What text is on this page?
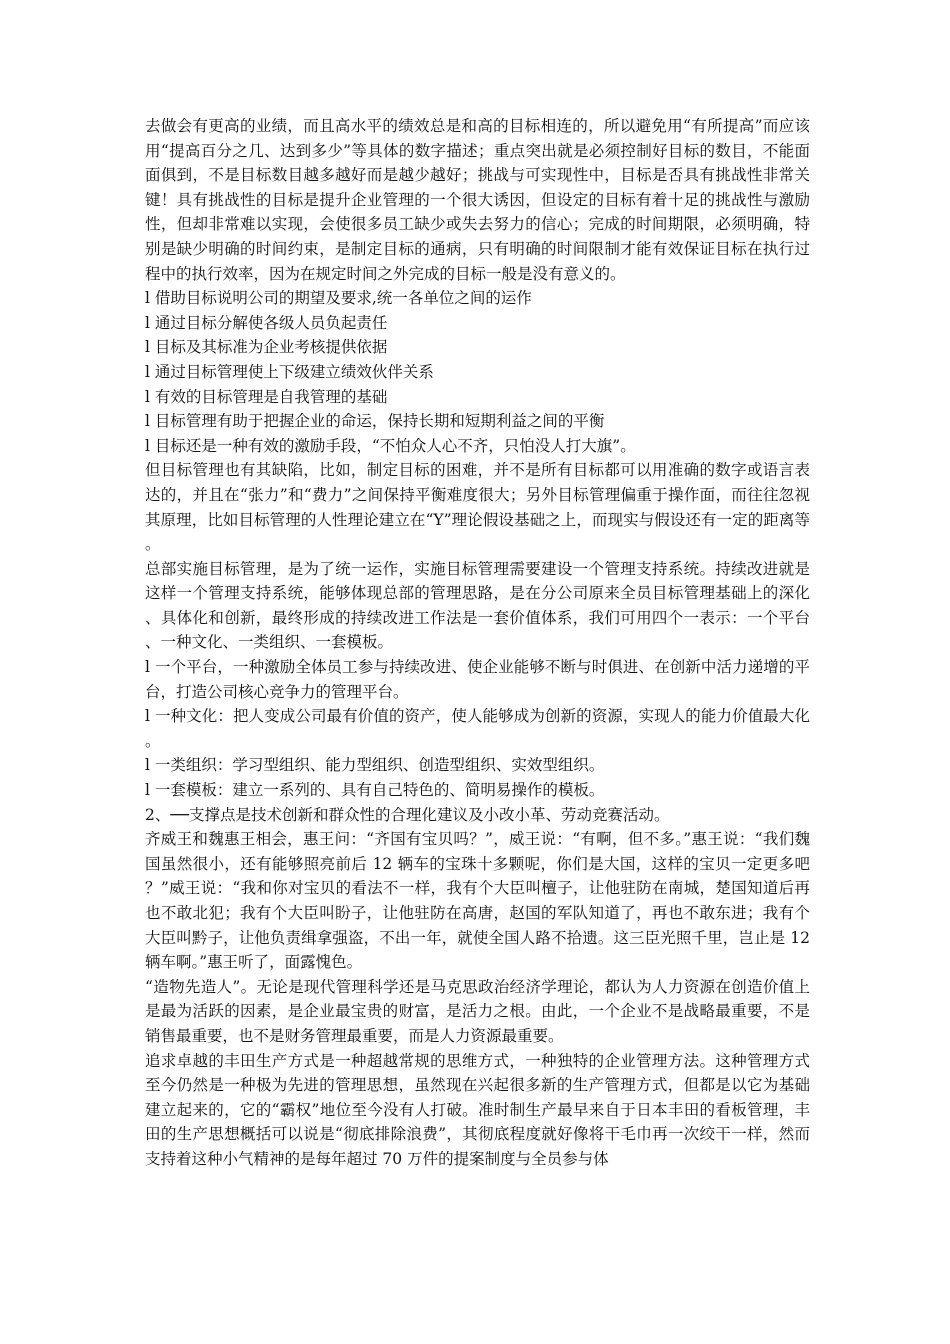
去做会有更高的业绩，而且高水平的绩效总是和高的目标相连的，所以避免用“有所提高”而应该用“提高百分之几、达到多少”等具体的数字描述；重点突出就是必须控制好目标的数目，不能面面俱到，不是目标数目越多越好而是越少越好；挑战与可实现性中，目标是否具有挑战性非常关键！具有挑战性的目标是提升企业管理的一个很大诱因，但设定的目标有着十足的挑战性与激励性，但却非常难以实现，会使很多员工缺少或失去努力的信心；完成的时间期限，必须明确，特别是缺少明确的时间约束，是制定目标的通病，只有明确的时间限制才能有效保证目标在执行过程中的执行效率，因为在规定时间之外完成的目标一般是没有意义的。

l 借助目标说明公司的期望及要求,统一各单位之间的运作

l 通过目标分解使各级人员负起责任

l 目标及其标准为企业考核提供依据

l 通过目标管理使上下级建立绩效伙伴关系

l 有效的目标管理是自我管理的基础

l 目标管理有助于把握企业的命运，保持长期和短期利益之间的平衡

l 目标还是一种有效的激励手段，“不怕众人心不齐，只怕没人打大旗”。

但目标管理也有其缺陷，比如，制定目标的困难，并不是所有目标都可以用准确的数字或语言表达的，并且在“张力”和“费力”之间保持平衡难度很大；另外目标管理偏重于操作面，而往往忽视其原理，比如目标管理的人性理论建立在“Y”理论假设基础之上，而现实与假设还有一定的距离等。

总部实施目标管理，是为了统一运作，实施目标管理需要建设一个管理支持系统。持续改进就是这样一个管理支持系统，能够体现总部的管理思路，是在分公司原来全员目标管理基础上的深化、具体化和创新，最终形成的持续改进工作法是一套价值体系，我们可用四个一表示：一个平台、一种文化、一类组织、一套模板。

l 一个平台，一种激励全体员工参与持续改进、使企业能够不断与时俱进、在创新中活力递增的平台，打造公司核心竞争力的管理平台。

l 一种文化：把人变成公司最有价值的资产，使人能够成为创新的资源，实现人的能力价值最大化。

l 一类组织：学习型组织、能力型组织、创造型组织、实效型组织。

l 一套模板：建立一系列的、具有自己特色的、简明易操作的模板。

2、──支撑点是技术创新和群众性的合理化建议及小改小革、劳动竞赛活动。

齐威王和魏惠王相会，惠王问：“齐国有宝贝吗？”，威王说：“有啊，但不多。”惠王说：“我们魏国虽然很小，还有能够照亮前后 12 辆车的宝珠十多颗呢，你们是大国，这样的宝贝一定更多吧？”威王说：“我和你对宝贝的看法不一样，我有个大臣叫檀子，让他驻防在南城，楚国知道后再也不敢北犯；我有个大臣叫盼子，让他驻防在高唐，赵国的军队知道了，再也不敢东进；我有个大臣叫黔子，让他负责缉拿强盗，不出一年，就使全国人路不拾遗。这三臣光照千里，岂止是 12 辆车啊。”惠王听了，面露愧色。

“造物先造人”。无论是现代管理科学还是马克思政治经济学理论，都认为人力资源在创造价值上是最为活跃的因素，是企业最宝贵的财富，是活力之根。由此，一个企业不是战略最重要，不是销售最重要，也不是财务管理最重要，而是人力资源最重要。

追求卓越的丰田生产方式是一种超越常规的思维方式，一种独特的企业管理方法。这种管理方式至今仍然是一种极为先进的管理思想，虽然现在兴起很多新的生产管理方式，但都是以它为基础建立起来的，它的“霸权”地位至今没有人打破。准时制生产最早来自于日本丰田的看板管理，丰田的生产思想概括可以说是“彻底排除浪费”，其彻底程度就好像将干毛巾再一次绞干一样，然而支持着这种小气精神的是每年超过 70 万件的提案制度与全员参与体
